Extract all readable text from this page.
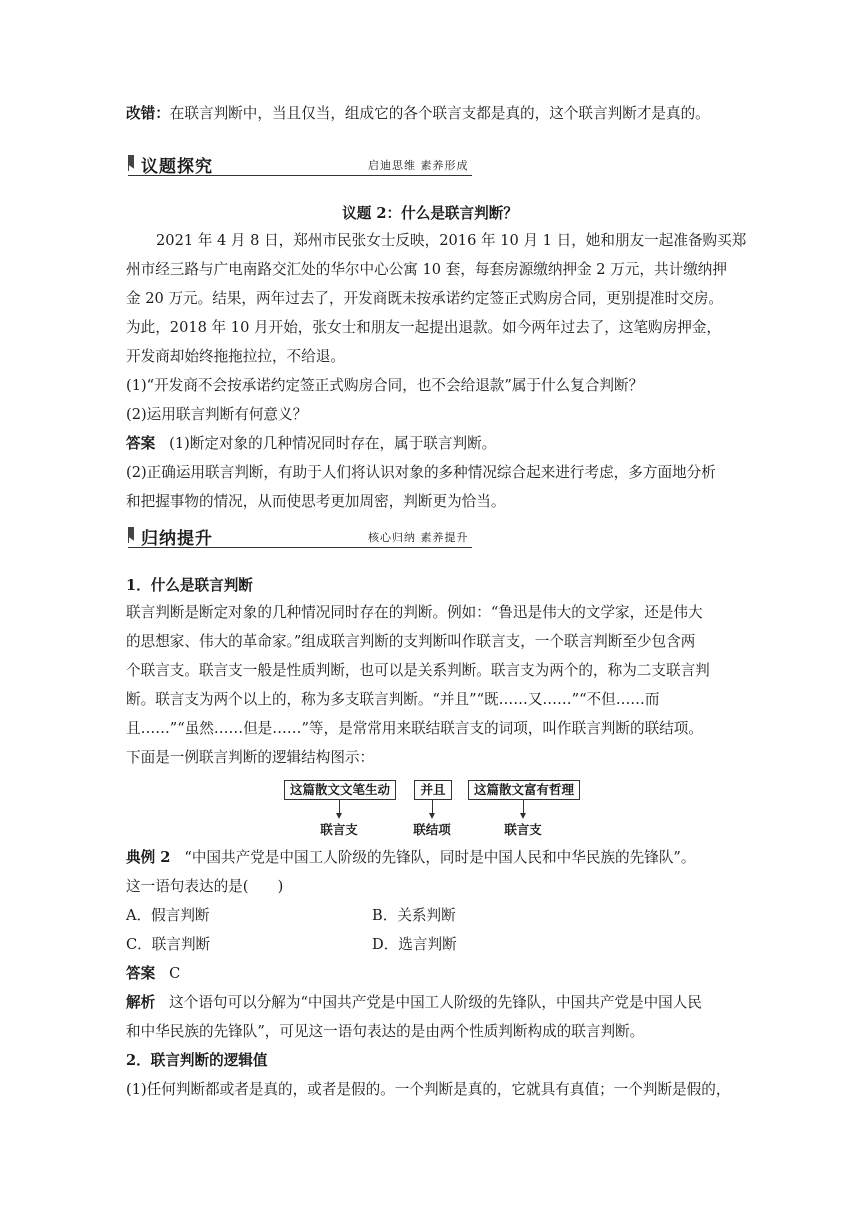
改错：在联言判断中，当且仅当，组成它的各个联言支都是真的，这个联言判断才是真的。
议题探究	启迪思维 素养形成
议题 2：什么是联言判断？
2021 年 4 月 8 日，郑州市民张女士反映，2016 年 10 月 1 日，她和朋友一起准备购买郑
州市经三路与广电南路交汇处的华尔中心公寓 10 套，每套房源缴纳押金 2 万元，共计缴纳押
金 20 万元。结果，两年过去了，开发商既未按承诺约定签正式购房合同，更别提准时交房。
为此，2018 年 10 月开始，张女士和朋友一起提出退款。如今两年过去了，这笔购房押金，
开发商却始终拖拖拉拉，不给退。
(1)“开发商不会按承诺约定签正式购房合同，也不会给退款”属于什么复合判断？
(2)运用联言判断有何意义？
答案 (1)断定对象的几种情况同时存在，属于联言判断。
(2)正确运用联言判断，有助于人们将认识对象的多种情况综合起来进行考虑，多方面地分析
和把握事物的情况，从而使思考更加周密，判断更为恰当。
归纳提升	核心归纳 素养提升
1．什么是联言判断
联言判断是断定对象的几种情况同时存在的判断。例如：“鲁迅是伟大的文学家，还是伟大
的思想家、伟大的革命家。”组成联言判断的支判断叫作联言支，一个联言判断至少包含两
个联言支。联言支一般是性质判断，也可以是关系判断。联言支为两个的，称为二支联言判
断。联言支为两个以上的，称为多支联言判断。“并且”“既……又……”“不但……而
且……”“虽然……但是……”等，是常常用来联结联言支的词项，叫作联言判断的联结项。
下面是一例联言判断的逻辑结构图示：
这篇散文文笔生动	并且	这篇散文富有哲理
联言支	联结项	联言支
典例 2 “中国共产党是中国工人阶级的先锋队，同时是中国人民和中华民族的先锋队”。
这一语句表达的是(　　)
A．假言判断	B．关系判断
C．联言判断	D．选言判断
答案 C
解析 这个语句可以分解为“中国共产党是中国工人阶级的先锋队，中国共产党是中国人民
和中华民族的先锋队”，可见这一语句表达的是由两个性质判断构成的联言判断。
2．联言判断的逻辑值
(1)任何判断都或者是真的，或者是假的。一个判断是真的，它就具有真值；一个判断是假的，
